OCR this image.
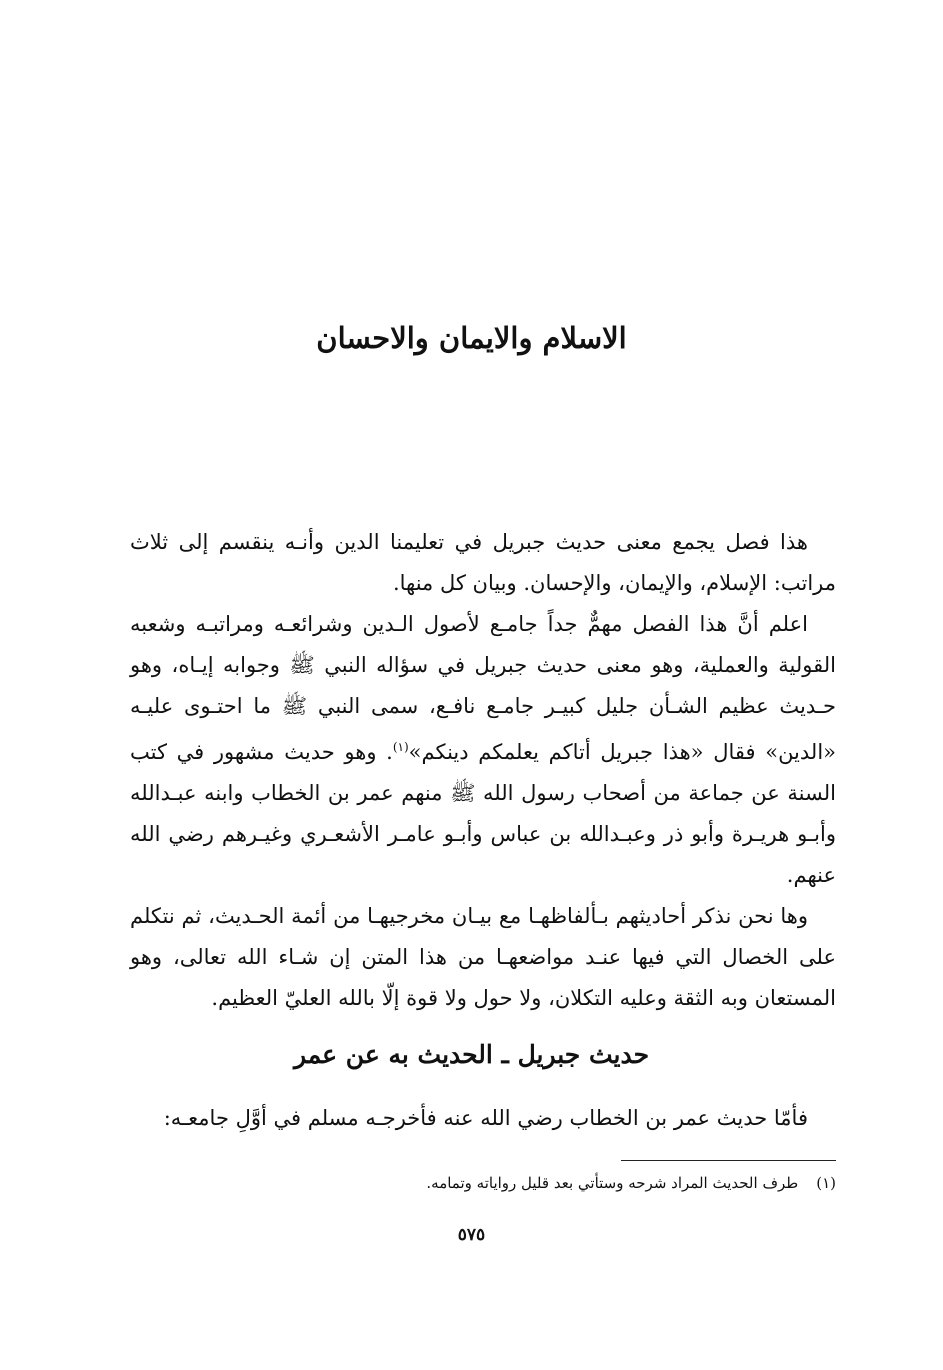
الاسلام والايمان والاحسان

هذا فصل يجمع معنى حديث جبريل في تعليمنا الدين وأنـه ينقسم إلى ثلاث مراتب: الإسلام، والإيمان، والإحسان. وبيان كل منها.

اعلم أنَّ هذا الفصل مهمٌّ جداً جامـع لأصول الـدين وشرائعـه ومراتبـه وشعبه القولية والعملية، وهو معنى حديث جبريل في سؤاله النبي ﷺ وجوابه إيـاه، وهو حـديث عظيم الشـأن جليل كبيـر جامـع نافـع، سمى النبي ﷺ ما احتـوى عليـه «الدين» فقال «هذا جبريل أتاكم يعلمكم دينكم»$^{(١)}$. وهو حديث مشهور في كتب السنة عن جماعة من أصحاب رسول الله ﷺ منهم عمر بن الخطاب وابنه عبـدالله وأبـو هريـرة وأبو ذر وعبـدالله بن عباس وأبـو عامـر الأشعـري وغيـرهم رضي الله عنهم.

وها نحن نذكر أحاديثهم بـألفاظهـا مع بيـان مخرجيهـا من أئمة الحـديث، ثم نتكلم على الخصال التي فيها عنـد مواضعهـا من هذا المتن إن شـاء الله تعالى، وهو المستعان وبه الثقة وعليه التكلان، ولا حول ولا قوة إلّا بالله العليّ العظيم.

حديث جبريل ـ الحديث به عن عمر

فأمّا حديث عمر بن الخطاب رضي الله عنه فأخرجـه مسلم في أوَّلِ جامعـه:

(١)طرف الحديث المراد شرحه وستأتي بعد قليل رواياته وتمامه.

٥٧٥
